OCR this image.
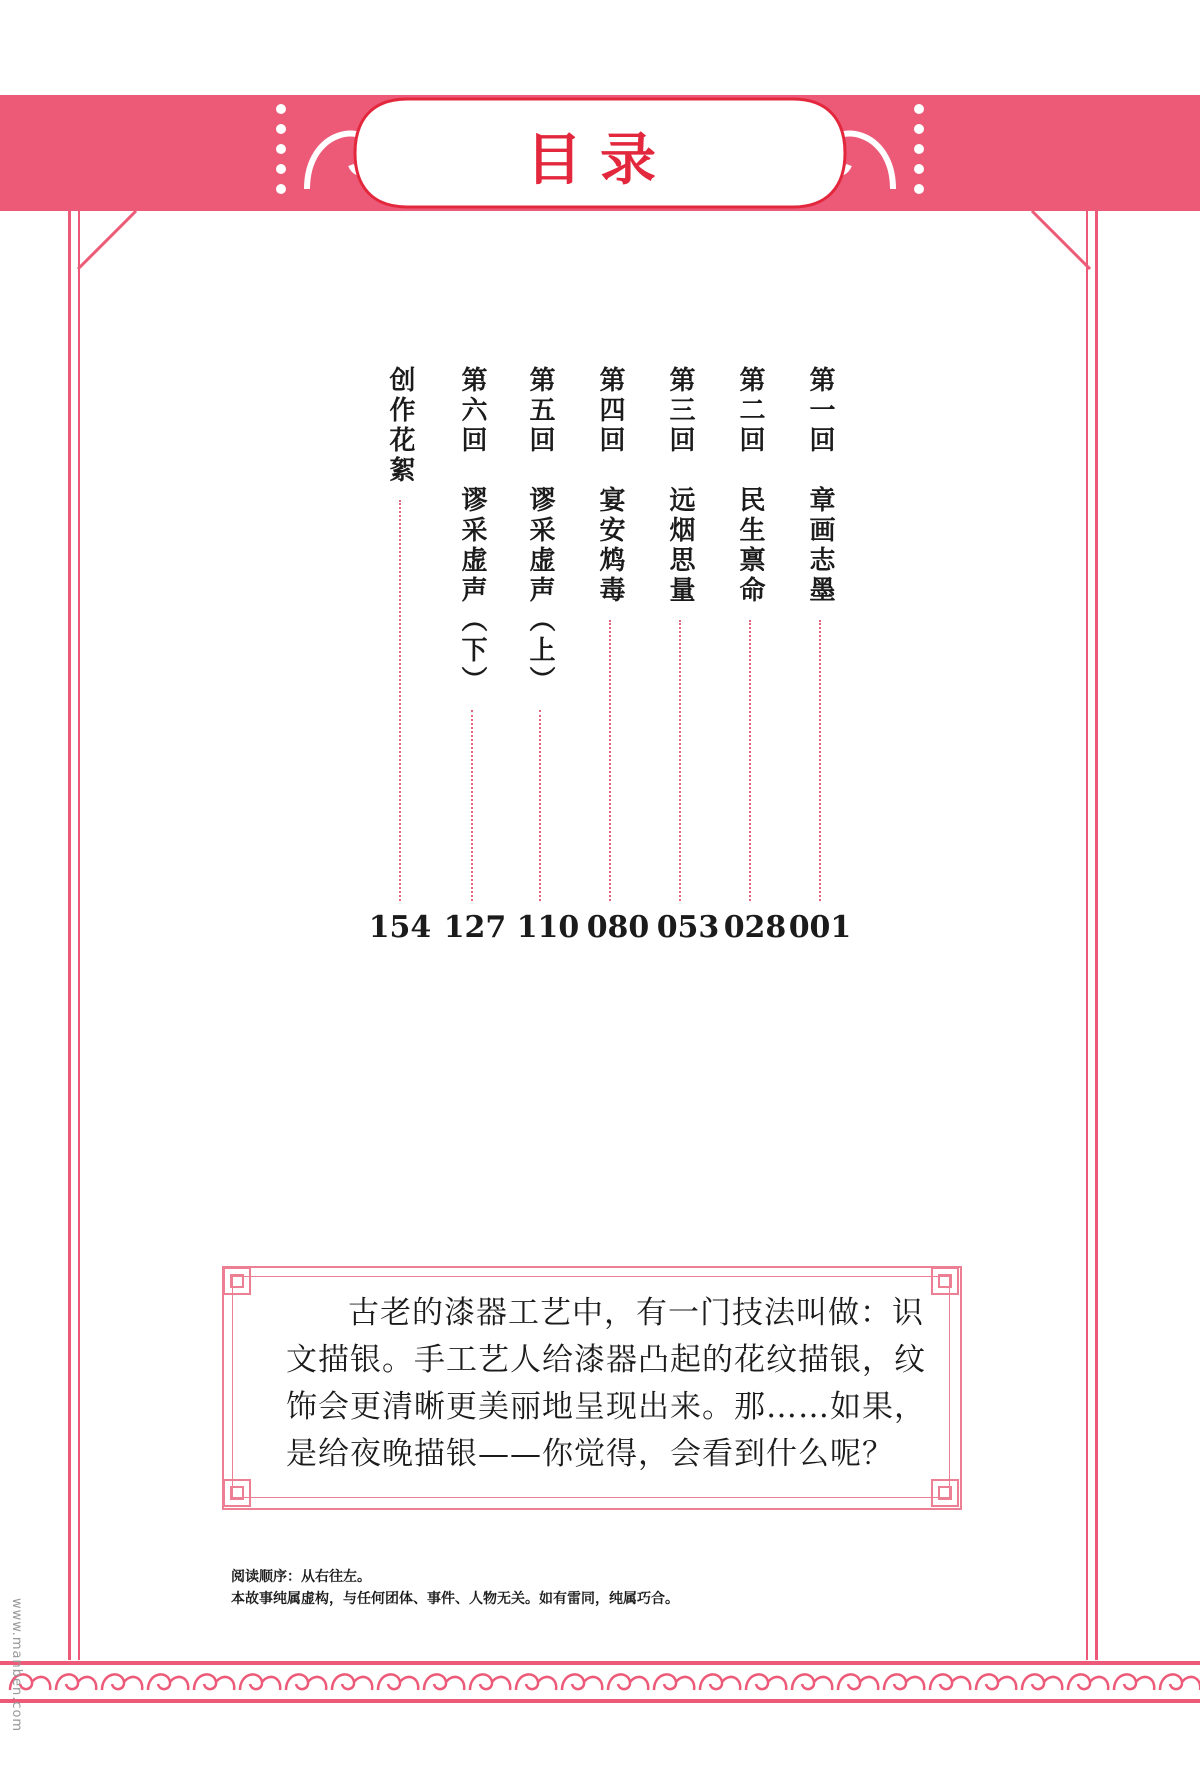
目录
第一回　章画志墨
第二回　民生禀命
第三回　远烟思量
第四回　宴安鸩毒
第五回　谬采虚声（上）
第六回　谬采虚声（下）
创作花絮
001
028
053
080
110
127
154
古老的漆器工艺中，有一门技法叫做：识文描银。手工艺人给漆器凸起的花纹描银，纹饰会更清晰更美丽地呈现出来。那……如果，是给夜晚描银——你觉得，会看到什么呢？
阅读顺序：从右往左。
本故事纯属虚构，与任何团体、事件、人物无关。如有雷同，纯属巧合。
www.manben.com
